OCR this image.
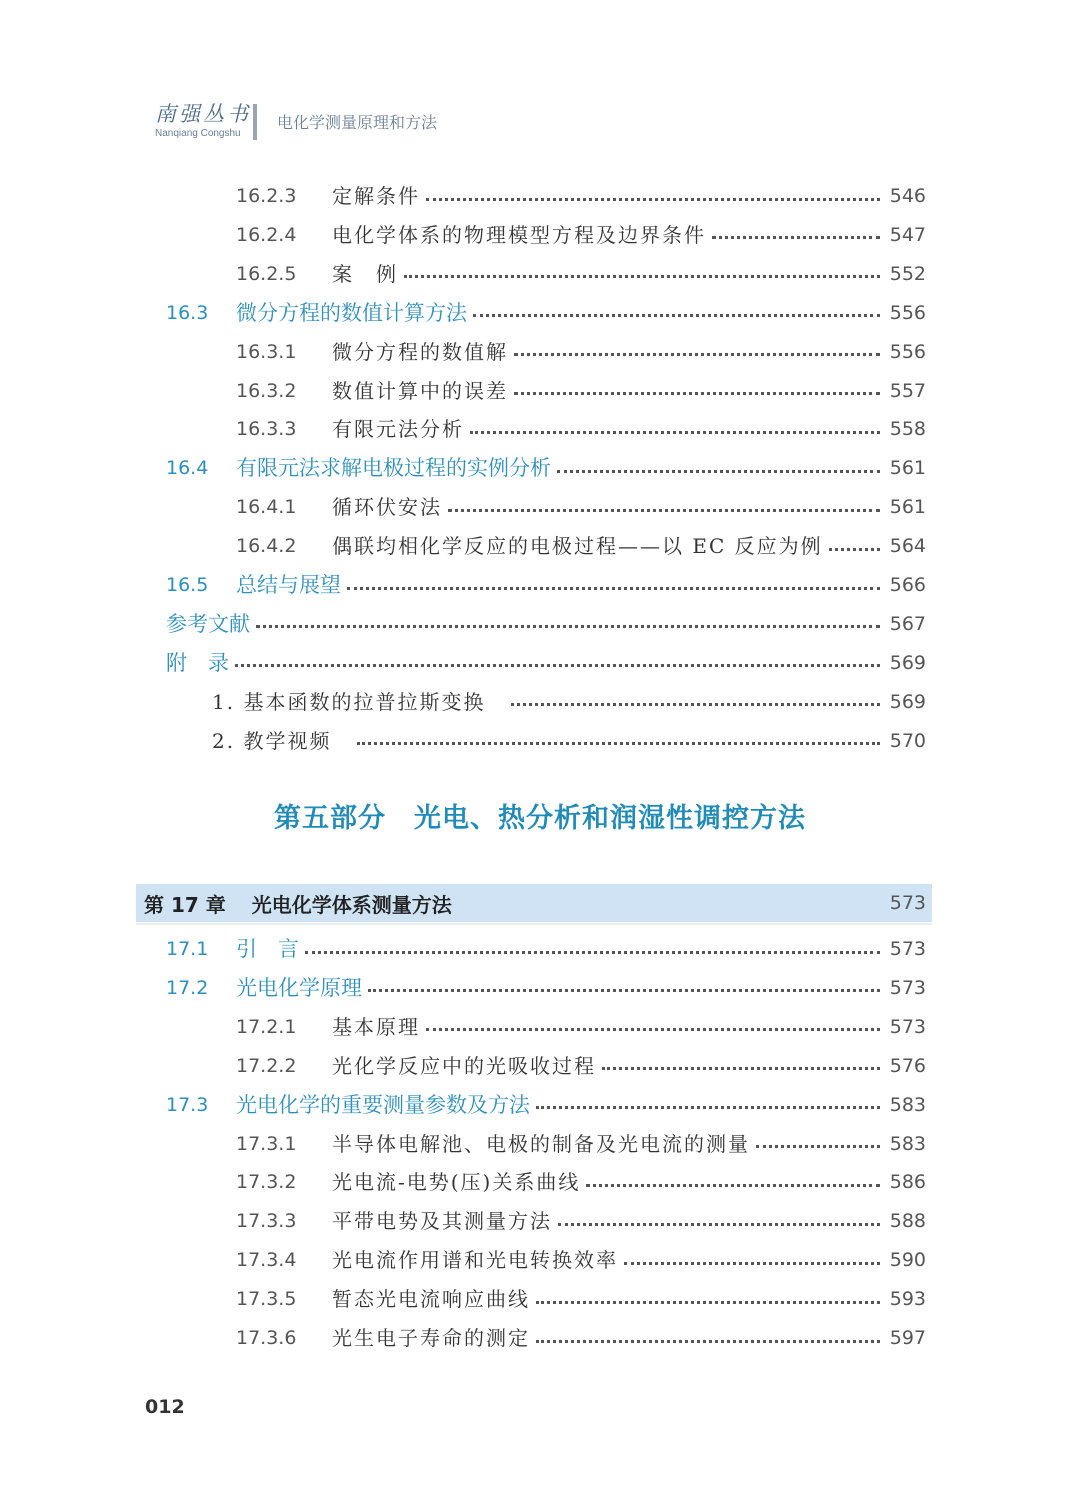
南强丛书
Nanqiang Congshu
电化学测量原理和方法
16.2.3	定解条件	546
16.2.4	电化学体系的物理模型方程及边界条件	547
16.2.5	案　例	552
16.3	微分方程的数值计算方法	556
16.3.1	微分方程的数值解	556
16.3.2	数值计算中的误差	557
16.3.3	有限元法分析	558
16.4	有限元法求解电极过程的实例分析	561
16.4.1	循环伏安法	561
16.4.2	偶联均相化学反应的电极过程——以 EC 反应为例	564
16.5	总结与展望	566
参考文献	567
附　录	569
1. 基本函数的拉普拉斯变换	569
2. 教学视频	570
第五部分　光电、热分析和润湿性调控方法
第 17 章 光电化学体系测量方法	573
17.1	引　言	573
17.2	光电化学原理	573
17.2.1	基本原理	573
17.2.2	光化学反应中的光吸收过程	576
17.3	光电化学的重要测量参数及方法	583
17.3.1	半导体电解池、电极的制备及光电流的测量	583
17.3.2	光电流-电势(压)关系曲线	586
17.3.3	平带电势及其测量方法	588
17.3.4	光电流作用谱和光电转换效率	590
17.3.5	暂态光电流响应曲线	593
17.3.6	光生电子寿命的测定	597
012
